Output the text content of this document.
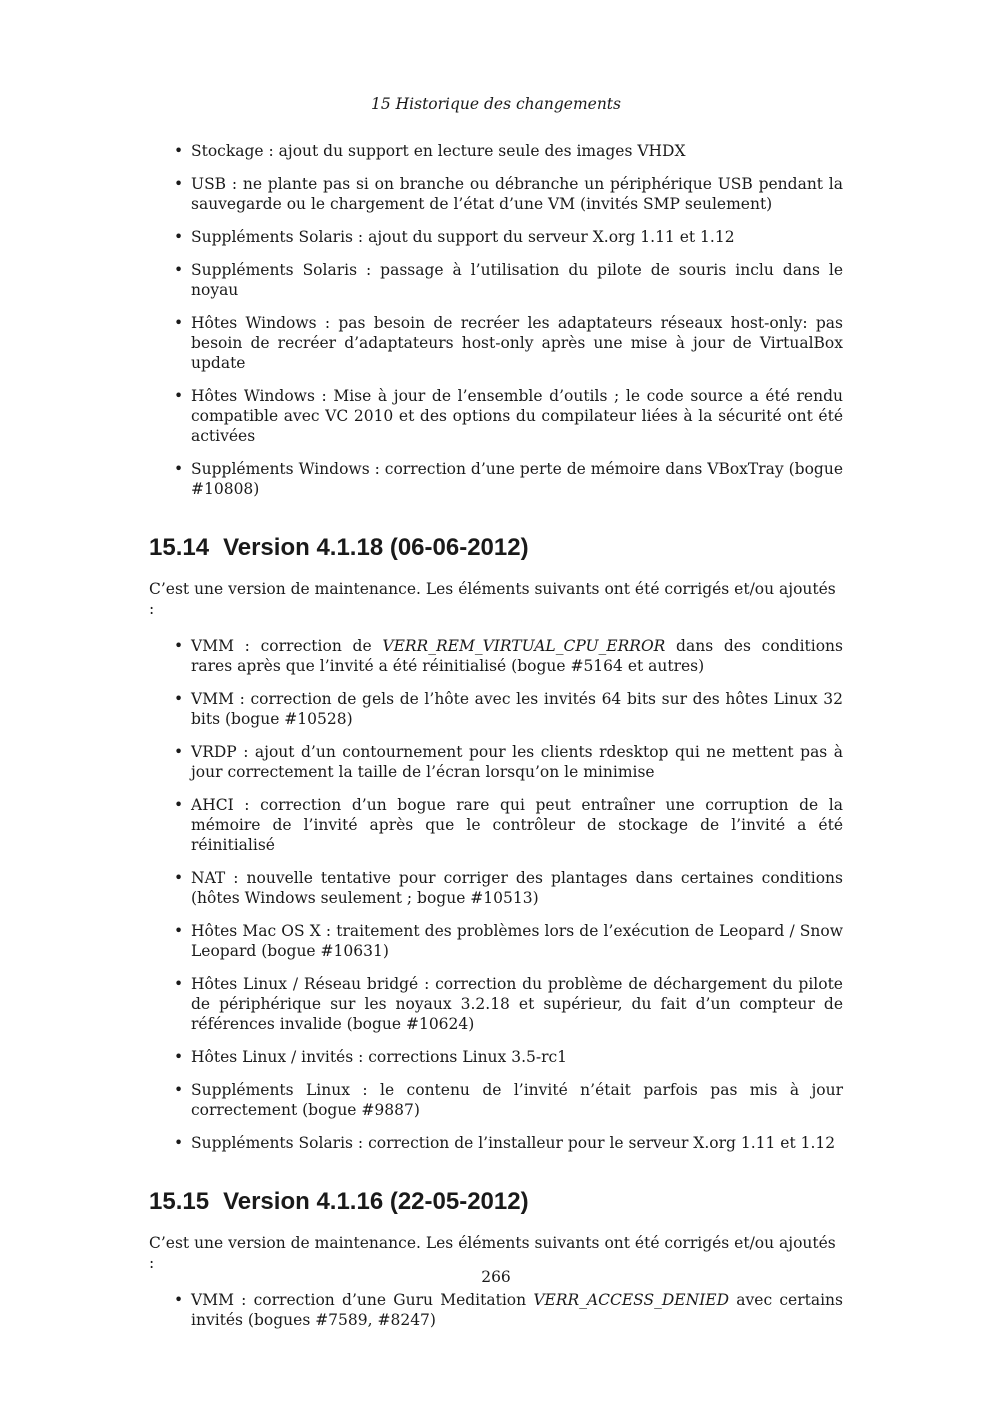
15 Historique des changements
• Stockage : ajout du support en lecture seule des images VHDX
• USB : ne plante pas si on branche ou débranche un périphérique USB pendant la sauvegarde ou le chargement de l’état d’une VM (invités SMP seulement)
• Suppléments Solaris : ajout du support du serveur X.org 1.11 et 1.12
• Suppléments Solaris : passage à l’utilisation du pilote de souris inclu dans le noyau
• Hôtes Windows : pas besoin de recréer les adaptateurs réseaux host-only: pas besoin de recréer d’adaptateurs host-only après une mise à jour de VirtualBox update
• Hôtes Windows : Mise à jour de l’ensemble d’outils ; le code source a été rendu compatible avec VC 2010 et des options du compilateur liées à la sécurité ont été activées
• Suppléments Windows : correction d’une perte de mémoire dans VBoxTray (bogue #10808)
15.14 Version 4.1.18 (06-06-2012)

C’est une version de maintenance. Les éléments suivants ont été corrigés et/ou ajoutés :

• VMM : correction de VERR_REM_VIRTUAL_CPU_ERROR dans des conditions rares après que l’invité a été réinitialisé (bogue #5164 et autres)
• VMM : correction de gels de l’hôte avec les invités 64 bits sur des hôtes Linux 32 bits (bogue #10528)
• VRDP : ajout d’un contournement pour les clients rdesktop qui ne mettent pas à jour correctement la taille de l’écran lorsqu’on le minimise
• AHCI : correction d’un bogue rare qui peut entraîner une corruption de la mémoire de l’invité après que le contrôleur de stockage de l’invité a été réinitialisé
• NAT : nouvelle tentative pour corriger des plantages dans certaines conditions (hôtes Windows seulement ; bogue #10513)
• Hôtes Mac OS X : traitement des problèmes lors de l’exécution de Leopard / Snow Leopard (bogue #10631)
• Hôtes Linux / Réseau bridgé : correction du problème de déchargement du pilote de périphérique sur les noyaux 3.2.18 et supérieur, du fait d’un compteur de références invalide (bogue #10624)
• Hôtes Linux / invités : corrections Linux 3.5-rc1
• Suppléments Linux : le contenu de l’invité n’était parfois pas mis à jour correctement (bogue #9887)
• Suppléments Solaris : correction de l’installeur pour le serveur X.org 1.11 et 1.12
15.15 Version 4.1.16 (22-05-2012)

C’est une version de maintenance. Les éléments suivants ont été corrigés et/ou ajoutés :

• VMM : correction d’une Guru Meditation VERR_ACCESS_DENIED avec certains invités (bogues #7589, #8247)
266
